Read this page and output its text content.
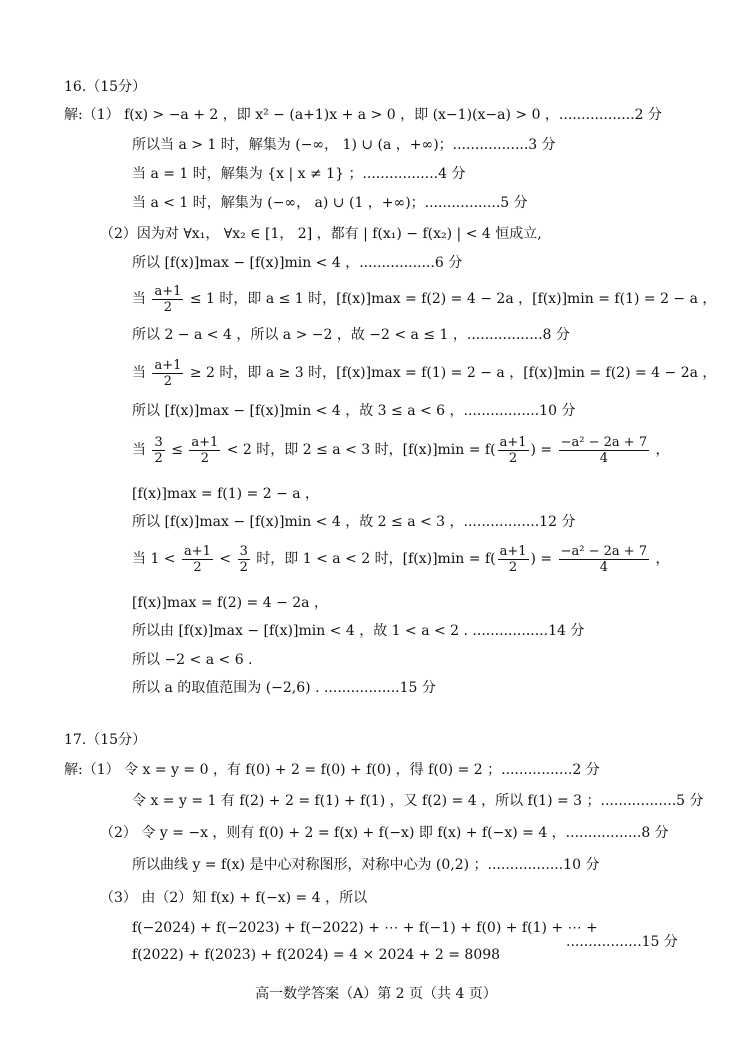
16.（15分）
解:（1） f(x) > −a + 2 ，即 x² − (a+1)x + a > 0 ，即 (x−1)(x−a) > 0 ，.................2 分
所以当 a > 1 时，解集为 (−∞， 1) ∪ (a ，+∞)；.................3 分
当 a = 1 时，解集为 {x | x ≠ 1} ；.................4 分
当 a < 1 时，解集为 (−∞， a) ∪ (1 ，+∞)；.................5 分
（2）因为对 ∀x₁， ∀x₂ ∈ [1， 2] ，都有 | f(x₁) − f(x₂) | < 4 恒成立,
所以 [f(x)]max − [f(x)]min < 4 ，.................6 分
当 $\frac{a+1}{2} \le 1$ 时，即 a ≤ 1 时，[f(x)]max = f(2) = 4 − 2a ，[f(x)]min = f(1) = 2 − a ，
所以 2 − a < 4 ，所以 a > −2 ，故 −2 < a ≤ 1 ，.................8 分
当 $\frac{a+1}{2} \ge 2$ 时，即 a ≥ 3 时，[f(x)]max = f(1) = 2 − a ，[f(x)]min = f(2) = 4 − 2a ，
所以 [f(x)]max − [f(x)]min < 4 ，故 3 ≤ a < 6 ，.................10 分
当 $\frac{3}{2} \le \frac{a+1}{2} < 2$ 时，即 2 ≤ a < 3 时，$[f(x)]\min = f( \frac{a+1}{2}$ ) = $\frac{\text{−a² − 2a + 7}}{4}$ ，
[f(x)]max = f(1) = 2 − a ，
所以 [f(x)]max − [f(x)]min < 4 ，故 2 ≤ a < 3 ，.................12 分
当 $1 < \frac{a+1}{2} < \frac{3}{2}$ 时，即 1 < a < 2 时，$[f(x)]\min = f( \frac{a+1}{2}$ ) = $\frac{\text{−a² − 2a + 7}}{4}$ ，
[f(x)]max = f(2) = 4 − 2a ，
所以由 [f(x)]max − [f(x)]min < 4 ，故 1 < a < 2 . .................14 分
所以 −2 < a < 6 .
所以 a 的取值范围为 (−2,6) . .................15 分
17.（15分）
解:（1） 令 x = y = 0 ，有 f(0) + 2 = f(0) + f(0) ，得 f(0) = 2 ；................2 分
令 x = y = 1 有 f(2) + 2 = f(1) + f(1) ，又 f(2) = 4 ，所以 f(1) = 3 ；.................5 分
（2） 令 y = −x ，则有 f(0) + 2 = f(x) + f(−x) 即 f(x) + f(−x) = 4 ，.................8 分
所以曲线 y = f(x) 是中心对称图形，对称中心为 (0,2) ；.................10 分
（3） 由（2）知 f(x) + f(−x) = 4 ，所以
f(−2024) + f(−2023) + f(−2022) + ⋯ + f(−1) + f(0) + f(1) + ⋯ +
f(2022) + f(2023) + f(2024) = 4 × 2024 + 2 = 8098
.................15 分
高一数学答案（A）第 2 页（共 4 页）
